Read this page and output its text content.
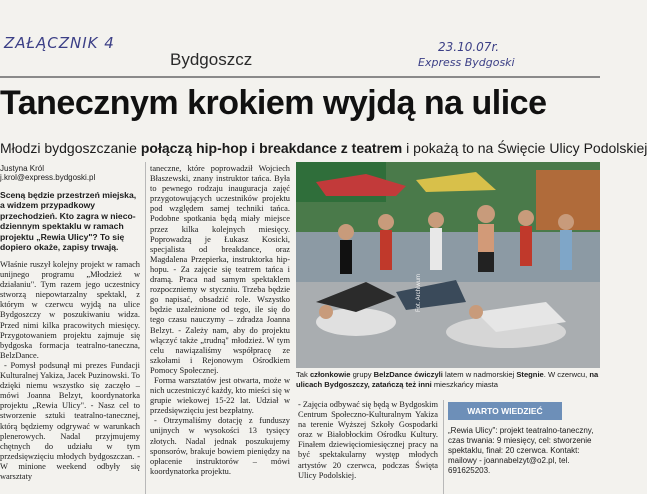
ZAŁĄCZNIK 4	23.10.07r.
Express Bydgoski
Bydgoszcz
Tanecznym krokiem wyjdą na ulice
Młodzi bydgoszczanie połączą hip-hop i breakdance z teatrem i pokażą to na Święcie Ulicy Podolskiej
Justyna Król
j.krol@express.bydgoski.pl
Sceną będzie przestrzeń miejska, a widzem przypadkowy przechodzień. Kto zagra w nieco-dziennym spektaklu w ramach projektu „Rewia Ulicy"? To się dopiero okaże, zapisy trwają.

Właśnie ruszył kolejny projekt w ramach unijnego programu „Młodzież w działaniu". Tym razem jego uczestnicy stworzą niepowtarzalny spektakl, z którym w czerwcu wyjdą na ulice Bydgoszczy w poszukiwaniu widza. Przed nimi kilka pracowitych miesięcy. Przygotowaniem projektu zajmuje się bydgoska formacja teatralno-taneczna, BelzDance.

- Pomysł podsunął mi prezes Fundacji Kulturalnej Yakiza, Jacek Puzinowski. To dzięki niemu wszystko się zaczęło – mówi Joanna Belzyt, koordynatorka projektu „Rewia Ulicy". - Nasz cel to stworzenie sztuki teatralno-tanecznej, którą będziemy odgrywać w warunkach plenerowych. Nadal przyjmujemy chętnych do udziału w tym przedsięwzięciu młodych bydgoszczan. - W minione weekend odbyły się warsztaty

taneczne, które poprowadził Wojciech Błaszewski, znany instruktor tańca. Była to pewnego rodzaju inauguracja zajęć przygotowujących uczestników projektu pod względem samej techniki tańca. Podobne spotkania będą miały miejsce przez kilka kolejnych miesięcy. Poprowadzą je Łukasz Kosicki, specjalista od breakdance, oraz Magdalena Przepierka, instruktorka hip-hopu. - Za zajęcie się teatrem tańca i dramą. Praca nad samym spektaklem rozpoczniemy w styczniu. Trzeba będzie go napisać, obsadzić role. Wszystko będzie uzależnione od tego, ile się do tego czasu nauczymy – zdradza Joanna Belzyt. - Zależy nam, aby do projektu włączyć także „trudną" młodzież. W tym celu nawiązaliśmy współpracę ze szkołami i Rejonowym Ośrodkiem Pomocy Społecznej.

Forma warsztatów jest otwarta, może w nich uczestniczyć każdy, kto mieści się w grupie wiekowej 15-22 lat. Udział w przedsięwzięciu jest bezpłatny.

- Otrzymaliśmy dotację z funduszy unijnych w wysokości 13 tysięcy złotych. Nadal jednak poszukujemy sponsorów, brakuje bowiem pieniędzy na opłacenie instruktorów – mówi koordynatorka projektu.

Fot. Archiwum
Tak członkowie grupy BelzDance ćwiczyli latem w nadmorskiej Stegnie. W czerwcu, na ulicach Bydgoszczy, zatańczą też inni mieszkańcy miasta
- Zajęcia odbywać się będą w Bydgoskim Centrum Społeczno-Kulturalnym Yakiza na terenie Wyższej Szkoły Gospodarki oraz w Białobłockim Ośrodku Kultury. Finałem dziewięciomiesięcznej pracy na być spektakularny występ młodych artystów 20 czerwca, podczas Święta Ulicy Podolskiej.
WARTO WIEDZIEĆ
„Rewia Ulicy": projekt teatralno-taneczny, czas trwania: 9 miesięcy, cel: stworzenie spektaklu, finał: 20 czerwca. Kontakt: mailowy - joannabelzyt@o2.pl, tel. 691625203.
